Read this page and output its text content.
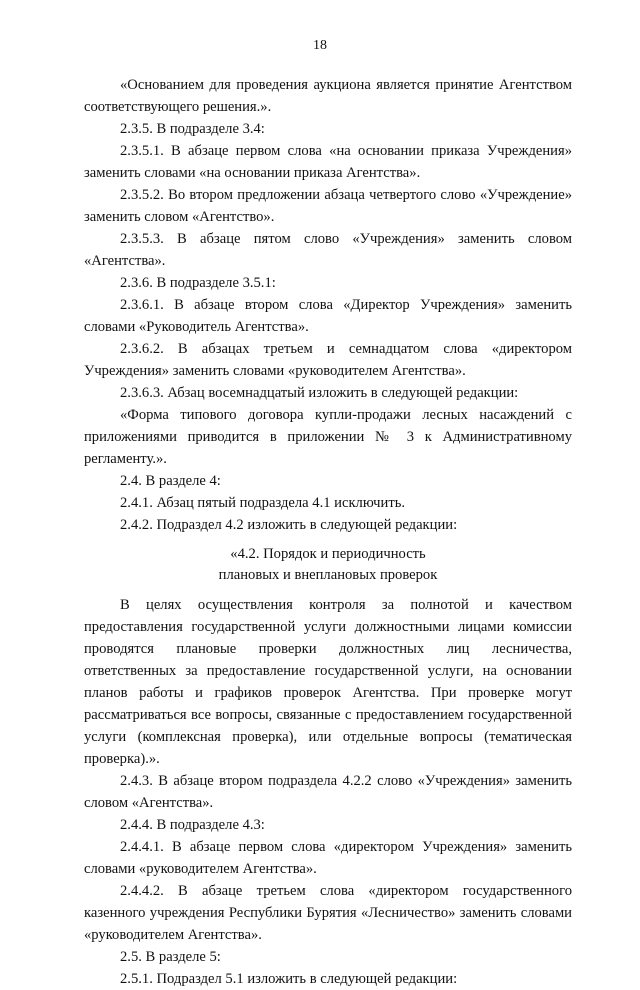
18

«Основанием для проведения аукциона является принятие Агентством соответствующего решения.».

2.3.5. В подразделе 3.4:

2.3.5.1. В абзаце первом слова «на основании приказа Учреждения» заменить словами «на основании приказа Агентства».

2.3.5.2. Во втором предложении абзаца четвертого слово «Учреждение» заменить словом «Агентство».

2.3.5.3. В абзаце пятом слово «Учреждения» заменить словом «Агентства».

2.3.6. В подразделе 3.5.1:

2.3.6.1. В абзаце втором слова «Директор Учреждения» заменить словами «Руководитель Агентства».

2.3.6.2. В абзацах третьем и семнадцатом слова «директором Учреждения» заменить словами «руководителем Агентства».

2.3.6.3. Абзац восемнадцатый изложить в следующей редакции:

«Форма типового договора купли-продажи лесных насаждений с приложениями приводится в приложении № 3 к Административному регламенту.».

2.4. В разделе 4:

2.4.1. Абзац пятый подраздела 4.1 исключить.

2.4.2. Подраздел 4.2 изложить в следующей редакции:

«4.2. Порядок и периодичность
плановых и внеплановых проверок

В целях осуществления контроля за полнотой и качеством предоставления государственной услуги должностными лицами комиссии проводятся плановые проверки должностных лиц лесничества, ответственных за предоставление государственной услуги, на основании планов работы и графиков проверок Агентства. При проверке могут рассматриваться все вопросы, связанные с предоставлением государственной услуги (комплексная проверка), или отдельные вопросы (тематическая проверка).».

2.4.3. В абзаце втором подраздела 4.2.2 слово «Учреждения» заменить словом «Агентства».

2.4.4. В подразделе 4.3:

2.4.4.1. В абзаце первом слова «директором Учреждения» заменить словами «руководителем Агентства».

2.4.4.2. В абзаце третьем слова «директором государственного казенного учреждения Республики Бурятия «Лесничество» заменить словами «руководителем Агентства».

2.5. В разделе 5:

2.5.1. Подраздел 5.1 изложить в следующей редакции:
